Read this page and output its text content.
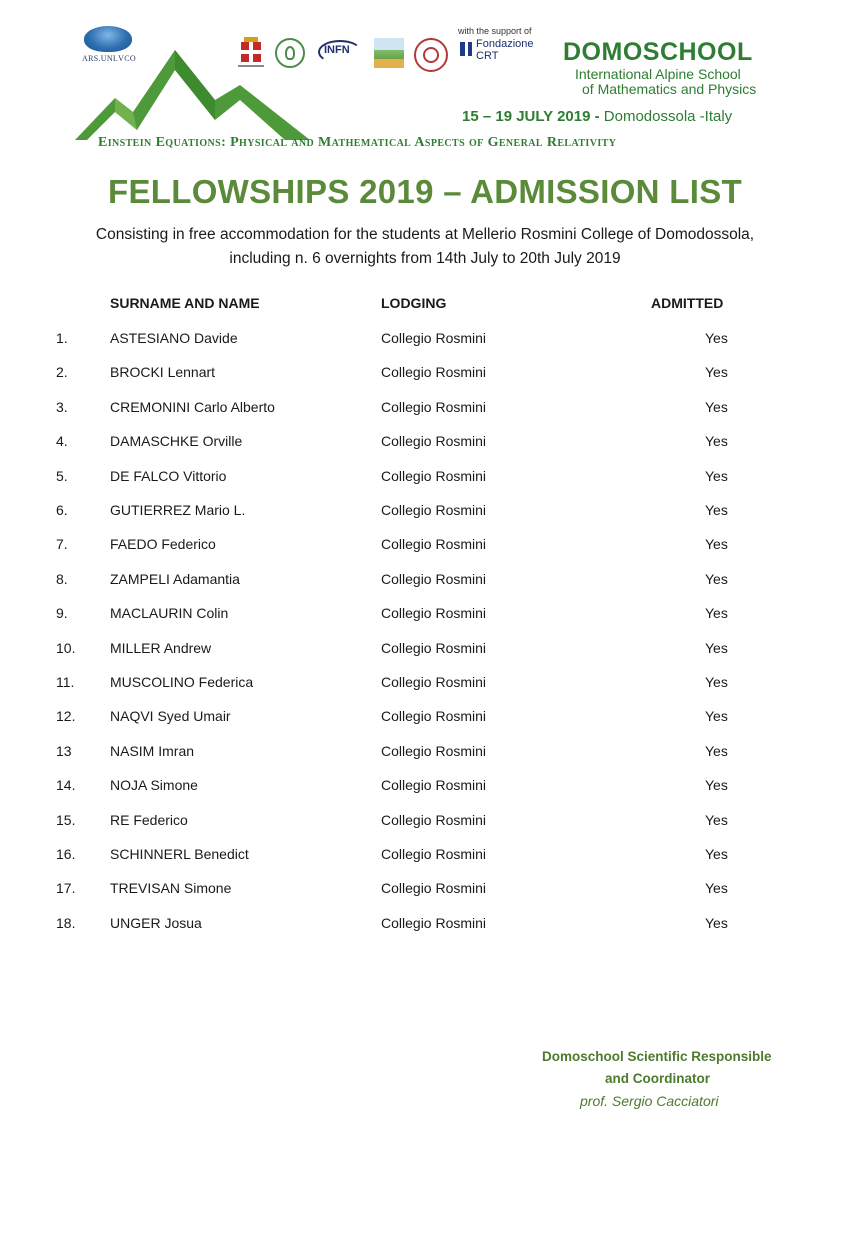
ARS.UNI.VCO
INFN
with the support of
Fondazione
CRT	DOMOSCHOOL
International Alpine School
of Mathematics and Physics
15 – 19 JULY 2019 - Domodossola -Italy
Einstein Equations: Physical and Mathematical Aspects of General Relativity
FELLOWSHIPS 2019 – ADMISSION LIST
Consisting in free accommodation for the students at Mellerio Rosmini College of Domodossola,
including n. 6 overnights from 14th July to 20th July 2019
SURNAME AND NAME	LODGING	ADMITTED
1.	ASTESIANO Davide	Collegio Rosmini	Yes
2.	BROCKI Lennart	Collegio Rosmini	Yes
3.	CREMONINI Carlo Alberto	Collegio Rosmini	Yes
4.	DAMASCHKE Orville	Collegio Rosmini	Yes
5.	DE FALCO Vittorio	Collegio Rosmini	Yes
6.	GUTIERREZ Mario L.	Collegio Rosmini	Yes
7.	FAEDO Federico	Collegio Rosmini	Yes
8.	ZAMPELI Adamantia	Collegio Rosmini	Yes
9.	MACLAURIN Colin	Collegio Rosmini	Yes
10. MILLER Andrew	Collegio Rosmini	Yes
11.	MUSCOLINO Federica	Collegio Rosmini	Yes
12. NAQVI Syed Umair	Collegio Rosmini	Yes
13	NASIM Imran	Collegio Rosmini	Yes
14. NOJA Simone	Collegio Rosmini	Yes
15. RE Federico	Collegio Rosmini	Yes
16. SCHINNERL Benedict	Collegio Rosmini	Yes
17. TREVISAN Simone	Collegio Rosmini	Yes
18. UNGER Josua	Collegio Rosmini	Yes
Domoschool Scientific Responsible
and Coordinator
prof. Sergio Cacciatori
